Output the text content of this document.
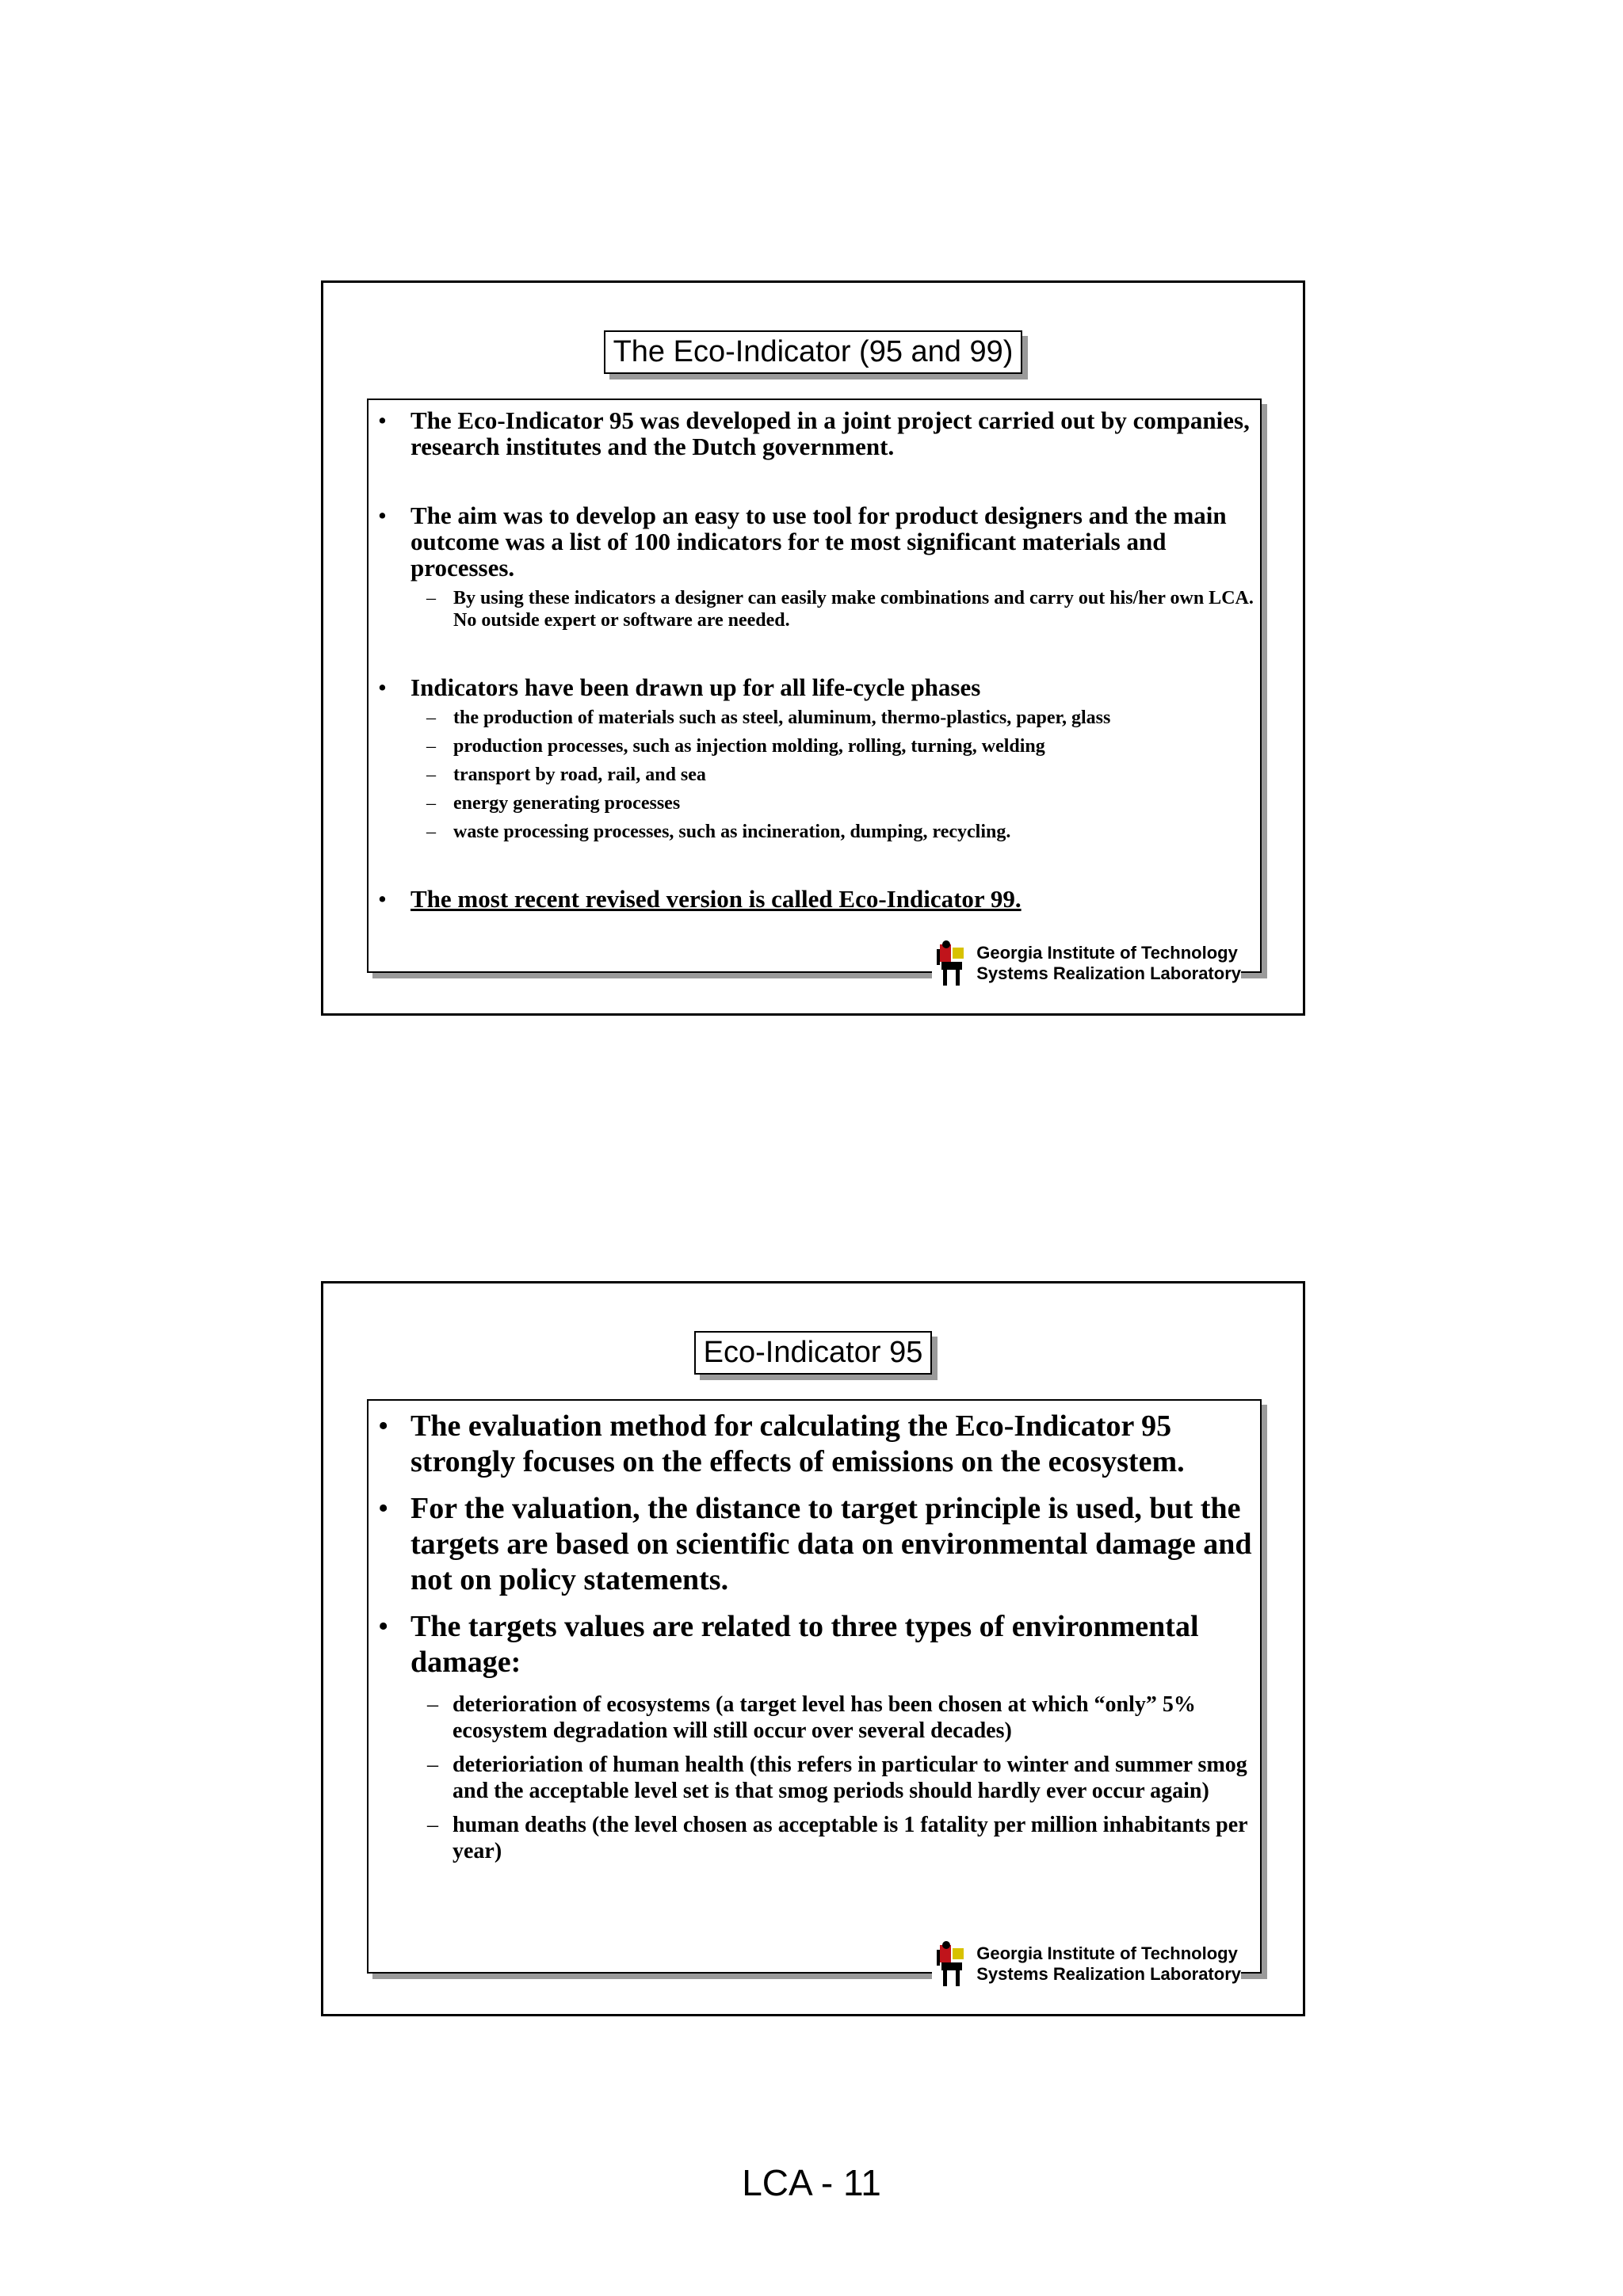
The Eco-Indicator (95 and 99)
• The Eco-Indicator 95 was developed in a joint project carried out by companies, research institutes and the Dutch government.
• The aim was to develop an easy to use tool for product designers and the main outcome was a list of 100 indicators for te most significant materials and processes.
– By using these indicators a designer can easily make combinations and carry out his/her own LCA. No outside expert or software are needed.
• Indicators have been drawn up for all life-cycle phases
– the production of materials such as steel, aluminum, thermo-plastics, paper, glass
– production processes, such as injection molding, rolling, turning, welding
– transport by road, rail, and sea
– energy generating processes
– waste processing processes, such as incineration, dumping, recycling.
• The most recent revised version is called Eco-Indicator 99.
Georgia Institute of Technology
Systems Realization Laboratory
Eco-Indicator 95
• The evaluation method for calculating the Eco-Indicator 95 strongly focuses on the effects of emissions on the ecosystem.
• For the valuation, the distance to target principle is used, but the targets are based on scientific data on environmental damage and not on policy statements.
• The targets values are related to three types of environmental damage:
– deterioration of ecosystems (a target level has been chosen at which “only” 5% ecosystem degradation will still occur over several decades)
– deterioriation of human health (this refers in particular to winter and summer smog and the acceptable level set is that smog periods should hardly ever occur again)
– human deaths (the level chosen as acceptable is 1 fatality per million inhabitants per year)
Georgia Institute of Technology
Systems Realization Laboratory
LCA - 11
